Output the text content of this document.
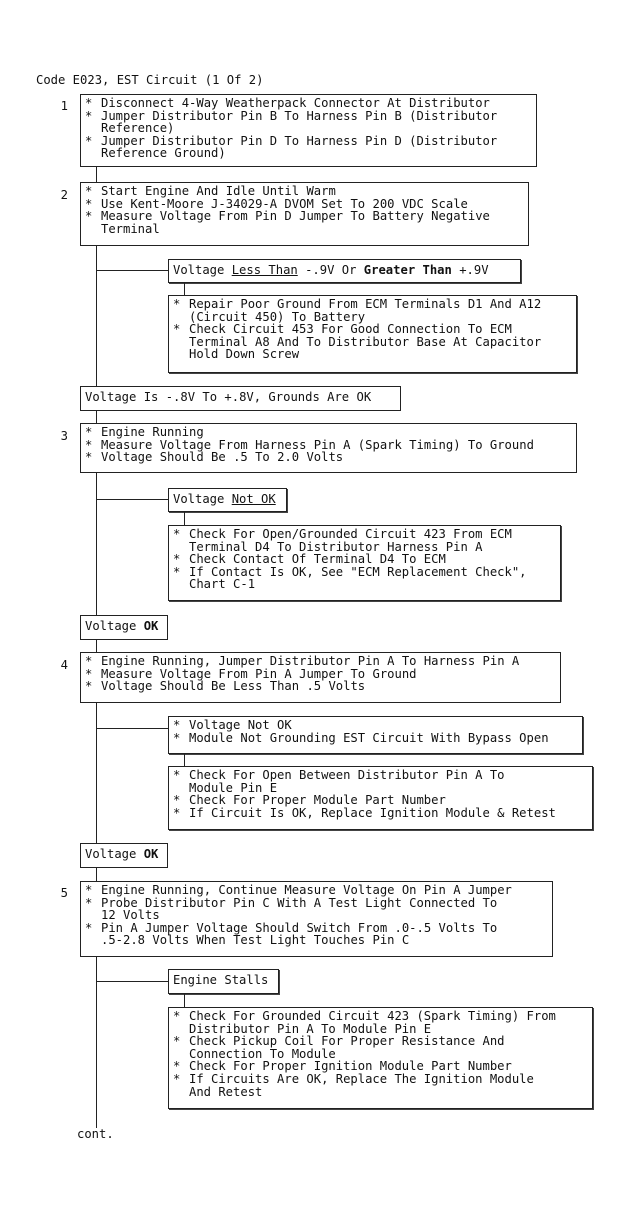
Code E023, EST Circuit (1 Of 2)
1 * Disconnect 4-Way Weatherpack Connector At Distributor
* Jumper Distributor Pin B To Harness Pin B (Distributor
Reference)
* Jumper Distributor Pin D To Harness Pin D (Distributor
Reference Ground)
2 * Start Engine And Idle Until Warm
* Use Kent-Moore J-34029-A DVOM Set To 200 VDC Scale
* Measure Voltage From Pin D Jumper To Battery Negative
Terminal
Voltage Less Than -.9V Or Greater Than +.9V
* Repair Poor Ground From ECM Terminals D1 And A12
(Circuit 450) To Battery
* Check Circuit 453 For Good Connection To ECM
Terminal A8 And To Distributor Base At Capacitor
Hold Down Screw
Voltage Is -.8V To +.8V, Grounds Are OK
3 * Engine Running
* Measure Voltage From Harness Pin A (Spark Timing) To Ground
* Voltage Should Be .5 To 2.0 Volts
Voltage Not OK
* Check For Open/Grounded Circuit 423 From ECM
Terminal D4 To Distributor Harness Pin A
* Check Contact Of Terminal D4 To ECM
* If Contact Is OK, See "ECM Replacement Check",
Chart C-1
Voltage OK
4 * Engine Running, Jumper Distributor Pin A To Harness Pin A
* Measure Voltage From Pin A Jumper To Ground
* Voltage Should Be Less Than .5 Volts
* Voltage Not OK
* Module Not Grounding EST Circuit With Bypass Open
* Check For Open Between Distributor Pin A To
Module Pin E
* Check For Proper Module Part Number
* If Circuit Is OK, Replace Ignition Module & Retest
Voltage OK
5 * Engine Running, Continue Measure Voltage On Pin A Jumper
* Probe Distributor Pin C With A Test Light Connected To
12 Volts
* Pin A Jumper Voltage Should Switch From .0-.5 Volts To
.5-2.8 Volts When Test Light Touches Pin C
Engine Stalls
* Check For Grounded Circuit 423 (Spark Timing) From
Distributor Pin A To Module Pin E
* Check Pickup Coil For Proper Resistance And
Connection To Module
* Check For Proper Ignition Module Part Number
* If Circuits Are OK, Replace The Ignition Module
And Retest
cont.
